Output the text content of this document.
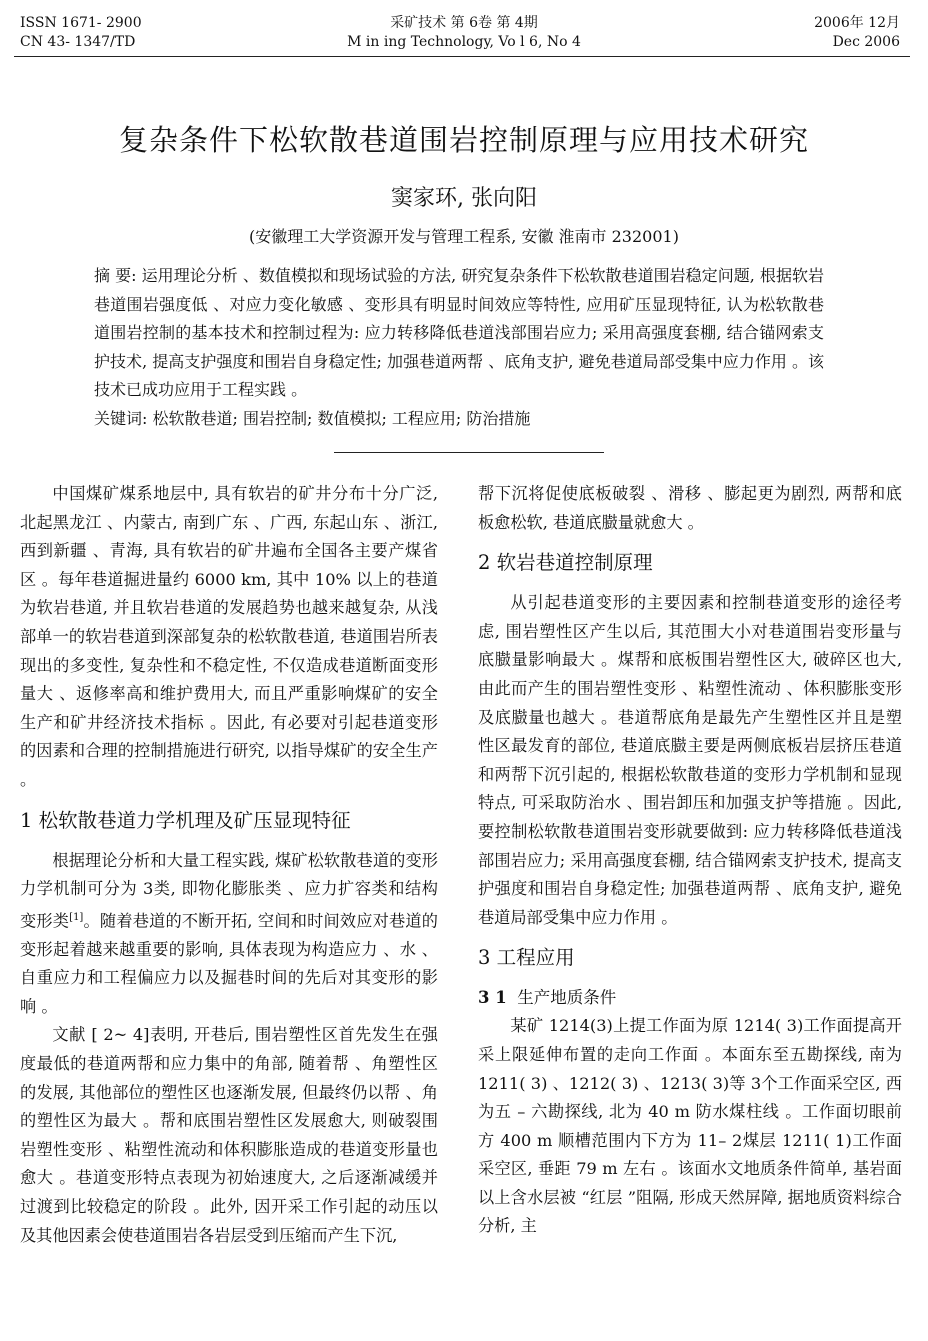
ISSN 1671- 2900
CN 43- 1347/TD
采矿技术 第 6卷 第 4期
M in ing Technology, Vo l 6, No 4
2006年 12月
Dec 2006
复杂条件下松软散巷道围岩控制原理与应用技术研究
窦家环, 张向阳
(安徽理工大学资源开发与管理工程系, 安徽 淮南市 232001)
摘 要: 运用理论分析 、数值模拟和现场试验的方法, 研究复杂条件下松软散巷道围岩稳定问题, 根据软岩巷道围岩强度低 、对应力变化敏感 、变形具有明显时间效应等特性, 应用矿压显现特征, 认为松软散巷道围岩控制的基本技术和控制过程为: 应力转移降低巷道浅部围岩应力; 采用高强度套棚, 结合锚网索支护技术, 提高支护强度和围岩自身稳定性; 加强巷道两帮 、底角支护, 避免巷道局部受集中应力作用 。该技术已成功应用于工程实践 。
关键词: 松软散巷道; 围岩控制; 数值模拟; 工程应用; 防治措施

中国煤矿煤系地层中, 具有软岩的矿井分布十分广泛, 北起黑龙江 、内蒙古, 南到广东 、广西, 东起山东 、浙江, 西到新疆 、青海, 具有软岩的矿井遍布全国各主要产煤省区 。每年巷道掘进量约 6000 km, 其中 10% 以上的巷道为软岩巷道, 并且软岩巷道的发展趋势也越来越复杂, 从浅部单一的软岩巷道到深部复杂的松软散巷道, 巷道围岩所表现出的多变性, 复杂性和不稳定性, 不仅造成巷道断面变形量大 、返修率高和维护费用大, 而且严重影响煤矿的安全生产和矿井经济技术指标 。因此, 有必要对引起巷道变形的因素和合理的控制措施进行研究, 以指导煤矿的安全生产 。

1 松软散巷道力学机理及矿压显现特征

根据理论分析和大量工程实践, 煤矿松软散巷道的变形力学机制可分为 3类, 即物化膨胀类 、应力扩容类和结构变形类[1]。随着巷道的不断开拓, 空间和时间效应对巷道的变形起着越来越重要的影响, 具体表现为构造应力 、水 、自重应力和工程偏应力以及掘巷时间的先后对其变形的影响 。

文献 [ 2~ 4]表明, 开巷后, 围岩塑性区首先发生在强度最低的巷道两帮和应力集中的角部, 随着帮 、角塑性区的发展, 其他部位的塑性区也逐渐发展, 但最终仍以帮 、角的塑性区为最大 。帮和底围岩塑性区发展愈大, 则破裂围岩塑性变形 、粘塑性流动和体积膨胀造成的巷道变形量也愈大 。巷道变形特点表现为初始速度大, 之后逐渐减缓并过渡到比较稳定的阶段 。此外, 因开采工作引起的动压以及其他因素会使巷道围岩各岩层受到压缩而产生下沉,

帮下沉将促使底板破裂 、滑移 、膨起更为剧烈, 两帮和底板愈松软, 巷道底臌量就愈大 。

2 软岩巷道控制原理

从引起巷道变形的主要因素和控制巷道变形的途径考虑, 围岩塑性区产生以后, 其范围大小对巷道围岩变形量与底臌量影响最大 。煤帮和底板围岩塑性区大, 破碎区也大, 由此而产生的围岩塑性变形 、粘塑性流动 、体积膨胀变形及底臌量也越大 。巷道帮底角是最先产生塑性区并且是塑性区最发育的部位, 巷道底臌主要是两侧底板岩层挤压巷道和两帮下沉引起的, 根据松软散巷道的变形力学机制和显现特点, 可采取防治水 、围岩卸压和加强支护等措施 。因此, 要控制松软散巷道围岩变形就要做到: 应力转移降低巷道浅部围岩应力; 采用高强度套棚, 结合锚网索支护技术, 提高支护强度和围岩自身稳定性; 加强巷道两帮 、底角支护, 避免巷道局部受集中应力作用 。

3 工程应用
3 1 生产地质条件

某矿 1214(3)上提工作面为原 1214( 3)工作面提高开采上限延伸布置的走向工作面 。本面东至五勘探线, 南为 1211( 3) 、1212( 3) 、1213( 3)等 3个工作面采空区, 西为五 – 六勘探线, 北为 40 m 防水煤柱线 。工作面切眼前方 400 m 顺槽范围内下方为 11– 2煤层 1211( 1)工作面采空区, 垂距 79 m 左右 。该面水文地质条件简单, 基岩面以上含水层被 “红层 ”阻隔, 形成天然屏障, 据地质资料综合分析, 主
